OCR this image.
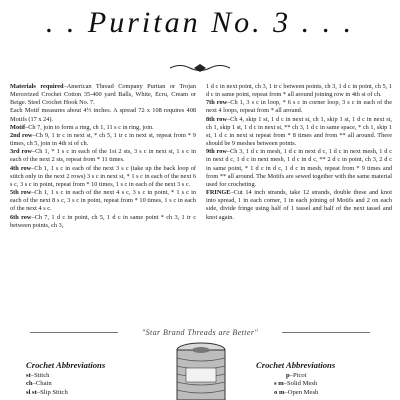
. . Puritan No. 3 . . .

Materials required–American Thread Company Puritan or Trojan Mercerized Crochet Cotton 35-400 yard Balls, White, Ecru, Cream or Beige. Steel Crochet Hook No. 7.

Each Motif measures about 4½ inches. A spread 72 x 108 requires 408 Motifs (17 x 24).

Motif–Ch 7, join to form a ring, ch 1, 11 s c in ring, join.

2nd row–Ch 9, 1 tr c in next st, * ch 5, 1 tr c in next st, repeat from * 9 times, ch 5, join in 4th st of ch.

3rd row–Ch 1, * 1 s c in each of the 1st 2 sts, 3 s c in next st, 1 s c in each of the next 2 sts, repeat from * 11 times.

4th row–Ch 1, 1 s c in each of the next 3 s c (take up the back loop of stitch only in the next 2 rows) 3 s c in next st, * 1 s c in each of the next 6 s c, 3 s c in point, repeat from * 10 times, 1 s c in each of the next 3 s c.

5th row–Ch 1, 1 s c in each of the next 4 s c, 3 s c in point, * 1 s c in each of the next 8 s c, 3 s c in point, repeat from * 10 times, 1 s c in each of the next 4 s c.

6th row–Ch 7, 1 d c in point, ch 5, 1 d c in same point * ch 3, 1 tr c between points, ch 3,

1 d c in next point, ch 3, 1 tr c between points, ch 3, 1 d c in point, ch 5, 1 d c in same point, repeat from * all around joining row in 4th st of ch.

7th row–Ch 1, 3 s c in loop, * 6 s c in corner loop, 3 s c in each of the next 4 loops, repeat from * all around.

8th row–Ch 4, skip 1 st, 1 d c in next st, ch 1, skip 1 st, 1 d c in next st, ch 1, skip 1 st, 1 d c in next st, ** ch 3, 1 d c in same space, * ch 1, skip 1 st, 1 d c in next st repeat from * 8 times and from ** all around. There should be 9 meshes between points.

9th row–Ch 3, 1 d c in mesh, 1 d c in next d c, 1 d c in next mesh, 1 d c in next d c, 1 d c in next mesh, 1 d c in d c, ** 2 d c in point, ch 3, 2 d c in same point, * 1 d c in d c, 1 d c in mesh, repeat from * 9 times and from ** all around. The Motifs are sewed together with the same material used for crocheting.

FRINGE–Cut 14 inch strands, take 12 strands, double these and knot into spread, 1 in each corner, 1 in each joining of Motifs and 2 on each side, divide fringe using half of 1 tassel and half of the next tassel and knot again.

"Star Brand Threads are Better"
Crochet Abbreviations
st–Stitch
ch–Chain
sl st–Slip Stitch
Crochet Abbreviations
p–Picot
s m–Solid Mesh
o m–Open Mesh
